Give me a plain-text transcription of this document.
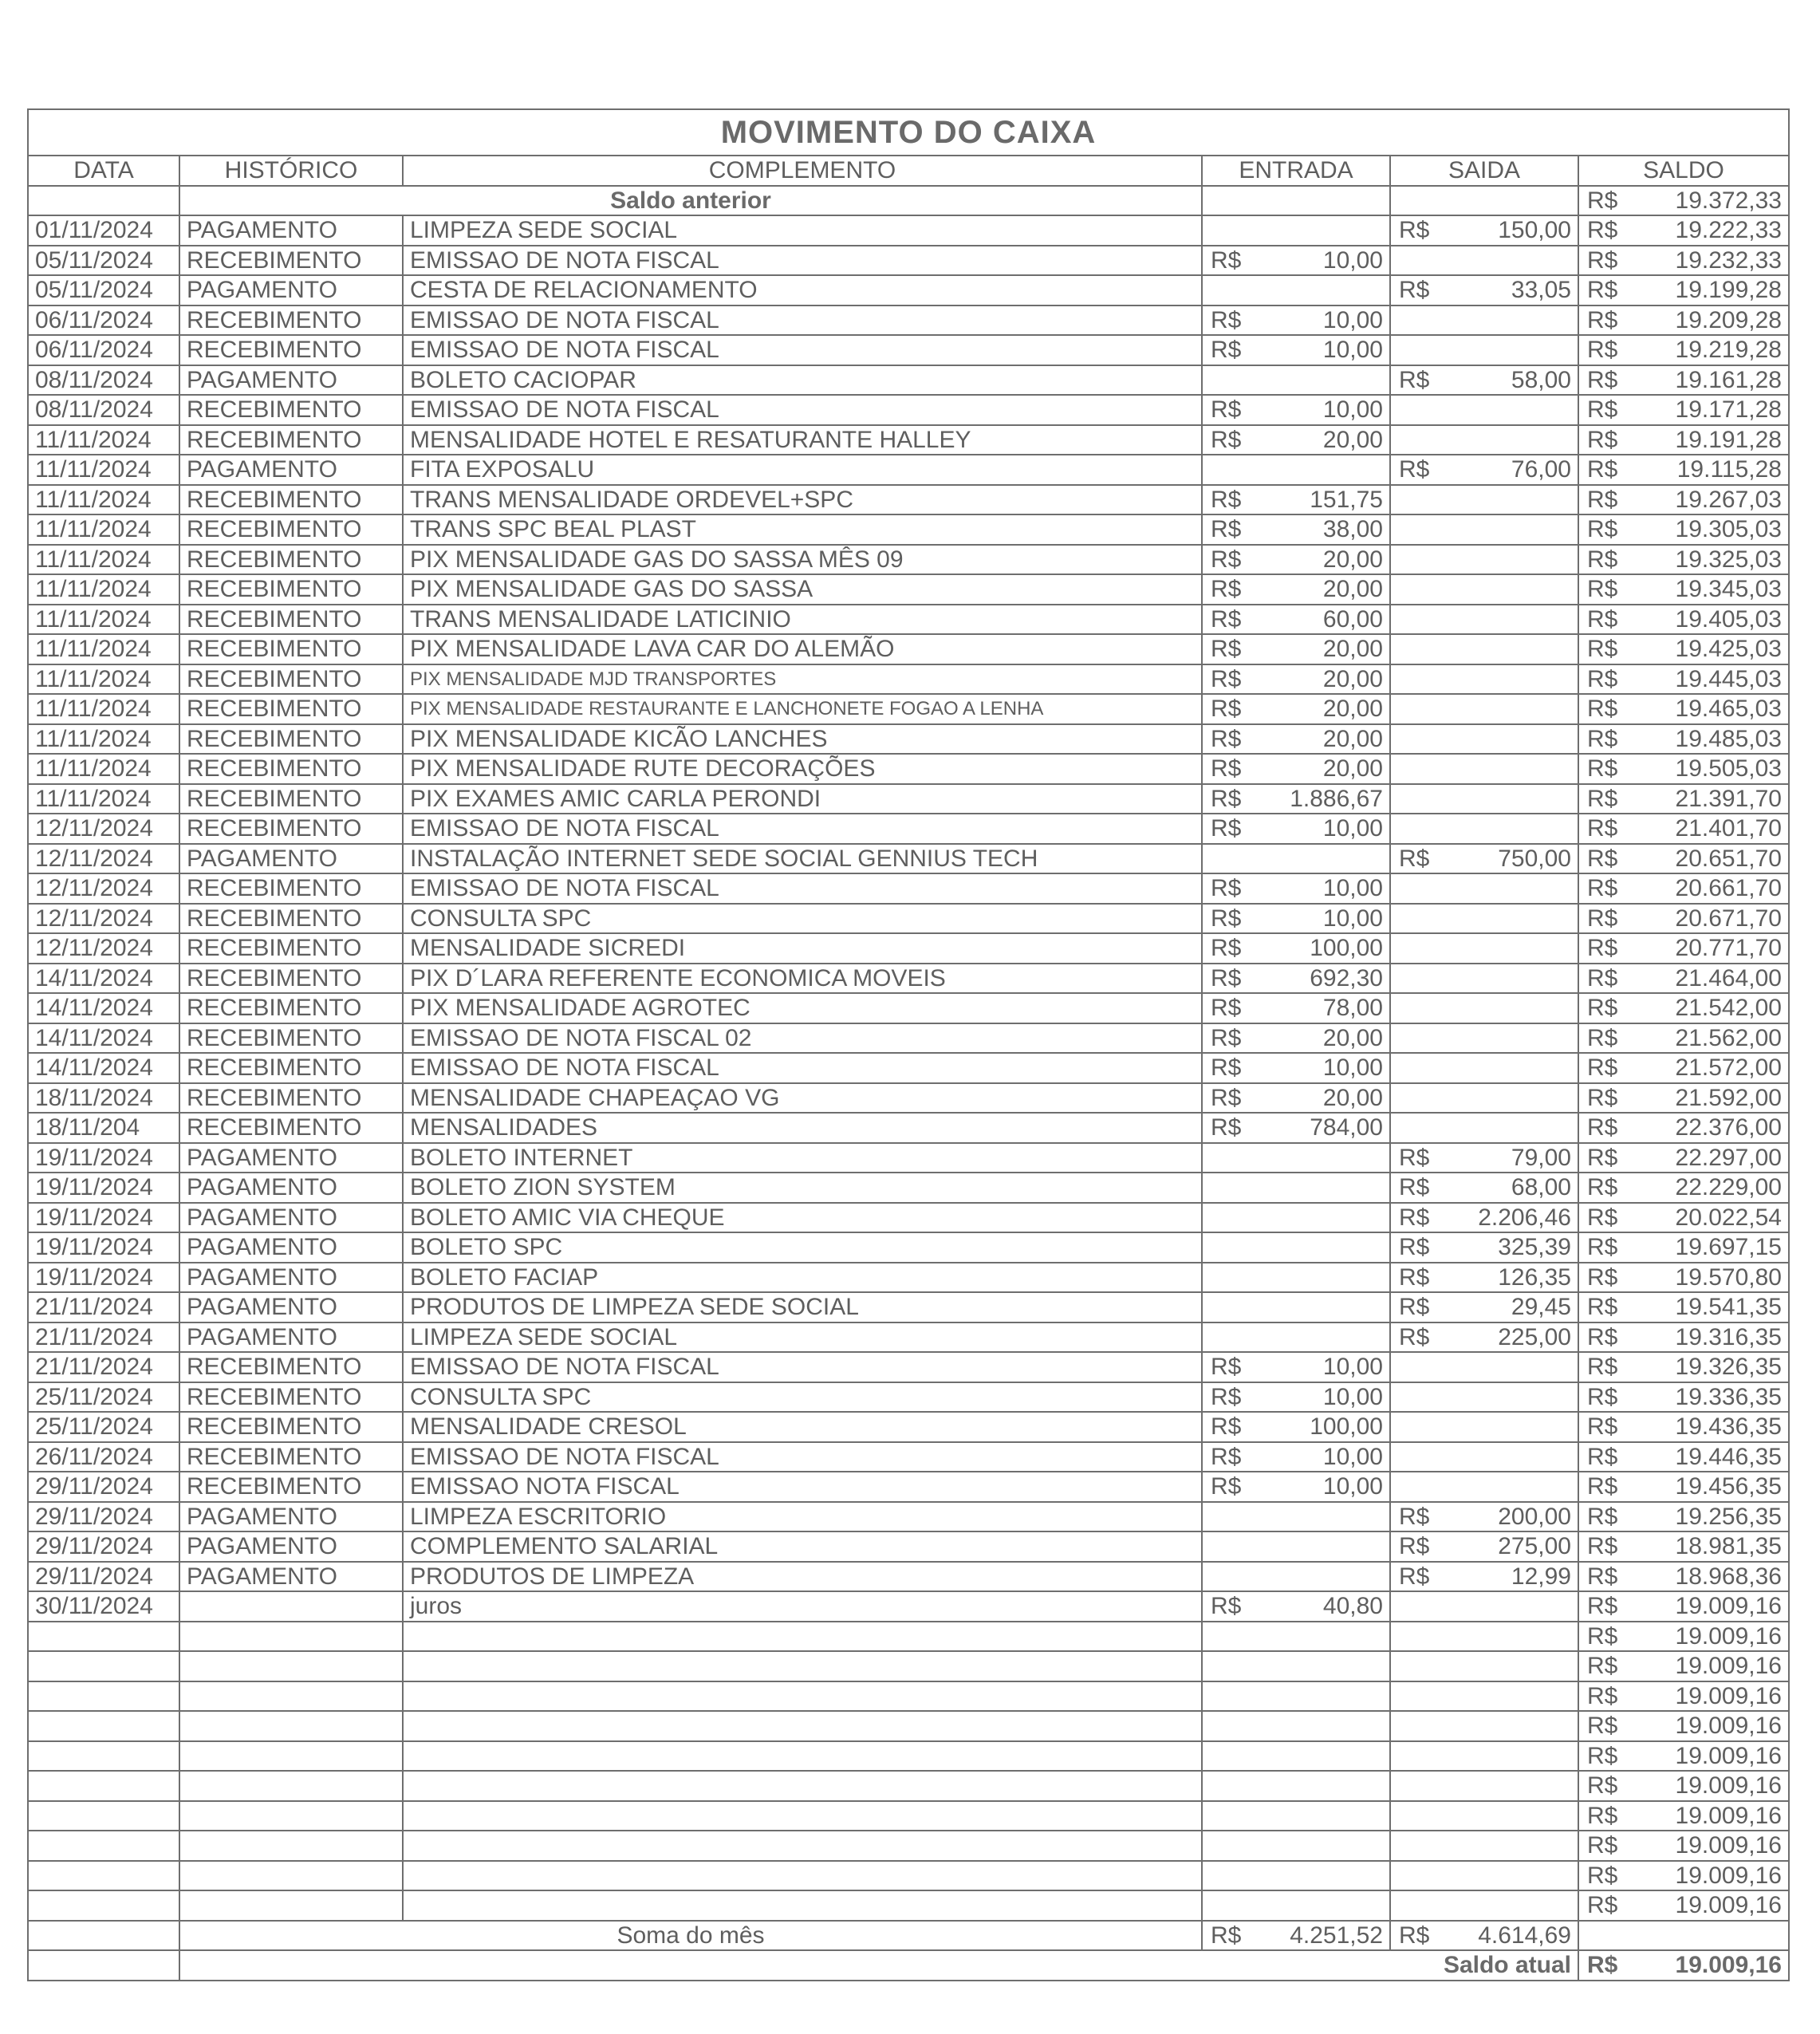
MOVIMENTO DO CAIXA					
DATA	HISTÓRICO	COMPLEMENTO	ENTRADA	SAIDA	SALDO
	Saldo anterior				R$ 19.372,33

01/11/2024	PAGAMENTO	LIMPEZA SEDE SOCIAL		R$ 150,00	R$ 19.222,33

05/11/2024	RECEBIMENTO	EMISSAO DE NOTA FISCAL	R$ 10,00		R$ 19.232,33

05/11/2024	PAGAMENTO	CESTA DE RELACIONAMENTO		R$ 33,05	R$ 19.199,28

06/11/2024	RECEBIMENTO	EMISSAO DE NOTA FISCAL	R$ 10,00		R$ 19.209,28

06/11/2024	RECEBIMENTO	EMISSAO DE NOTA FISCAL	R$ 10,00		R$ 19.219,28

08/11/2024	PAGAMENTO	BOLETO CACIOPAR		R$ 58,00	R$ 19.161,28

08/11/2024	RECEBIMENTO	EMISSAO DE NOTA FISCAL	R$ 10,00		R$ 19.171,28

11/11/2024	RECEBIMENTO	MENSALIDADE HOTEL E RESATURANTE HALLEY	R$ 20,00		R$ 19.191,28

11/11/2024	PAGAMENTO	FITA EXPOSALU		R$ 76,00	R$ 19.115,28

11/11/2024	RECEBIMENTO	TRANS MENSALIDADE ORDEVEL+SPC	R$ 151,75		R$ 19.267,03

11/11/2024	RECEBIMENTO	TRANS SPC BEAL PLAST	R$ 38,00		R$ 19.305,03

11/11/2024	RECEBIMENTO	PIX MENSALIDADE GAS DO SASSA MÊS 09	R$ 20,00		R$ 19.325,03

11/11/2024	RECEBIMENTO	PIX MENSALIDADE GAS DO SASSA	R$ 20,00		R$ 19.345,03

11/11/2024	RECEBIMENTO	TRANS MENSALIDADE LATICINIO	R$ 60,00		R$ 19.405,03

11/11/2024	RECEBIMENTO	PIX MENSALIDADE LAVA CAR DO ALEMÃO	R$ 20,00		R$ 19.425,03

11/11/2024	RECEBIMENTO	PIX MENSALIDADE MJD TRANSPORTES	R$ 20,00		R$ 19.445,03

11/11/2024	RECEBIMENTO	PIX MENSALIDADE RESTAURANTE E LANCHONETE FOGAO A LENHA	R$ 20,00		R$ 19.465,03

11/11/2024	RECEBIMENTO	PIX MENSALIDADE KICÃO LANCHES	R$ 20,00		R$ 19.485,03

11/11/2024	RECEBIMENTO	PIX MENSALIDADE RUTE DECORAÇÕES	R$ 20,00		R$ 19.505,03

11/11/2024	RECEBIMENTO	PIX EXAMES AMIC CARLA PERONDI	R$ 1.886,67		R$ 21.391,70

12/11/2024	RECEBIMENTO	EMISSAO DE NOTA FISCAL	R$ 10,00		R$ 21.401,70

12/11/2024	PAGAMENTO	INSTALAÇÃO INTERNET SEDE SOCIAL GENNIUS TECH		R$ 750,00	R$ 20.651,70

12/11/2024	RECEBIMENTO	EMISSAO DE NOTA FISCAL	R$ 10,00		R$ 20.661,70

12/11/2024	RECEBIMENTO	CONSULTA SPC	R$ 10,00		R$ 20.671,70

12/11/2024	RECEBIMENTO	MENSALIDADE SICREDI	R$ 100,00		R$ 20.771,70

14/11/2024	RECEBIMENTO	PIX D´LARA REFERENTE ECONOMICA MOVEIS	R$ 692,30		R$ 21.464,00

14/11/2024	RECEBIMENTO	PIX MENSALIDADE AGROTEC	R$ 78,00		R$ 21.542,00

14/11/2024	RECEBIMENTO	EMISSAO DE NOTA FISCAL 02	R$ 20,00		R$ 21.562,00

14/11/2024	RECEBIMENTO	EMISSAO DE NOTA FISCAL	R$ 10,00		R$ 21.572,00

18/11/2024	RECEBIMENTO	MENSALIDADE CHAPEAÇAO VG	R$ 20,00		R$ 21.592,00

18/11/204	RECEBIMENTO	MENSALIDADES	R$ 784,00		R$ 22.376,00

19/11/2024	PAGAMENTO	BOLETO INTERNET		R$ 79,00	R$ 22.297,00

19/11/2024	PAGAMENTO	BOLETO ZION SYSTEM		R$ 68,00	R$ 22.229,00

19/11/2024	PAGAMENTO	BOLETO AMIC VIA CHEQUE		R$ 2.206,46	R$ 20.022,54

19/11/2024	PAGAMENTO	BOLETO SPC		R$ 325,39	R$ 19.697,15

19/11/2024	PAGAMENTO	BOLETO FACIAP		R$ 126,35	R$ 19.570,80

21/11/2024	PAGAMENTO	PRODUTOS DE LIMPEZA SEDE SOCIAL		R$ 29,45	R$ 19.541,35

21/11/2024	PAGAMENTO	LIMPEZA SEDE SOCIAL		R$ 225,00	R$ 19.316,35

21/11/2024	RECEBIMENTO	EMISSAO DE NOTA FISCAL	R$ 10,00		R$ 19.326,35

25/11/2024	RECEBIMENTO	CONSULTA SPC	R$ 10,00		R$ 19.336,35

25/11/2024	RECEBIMENTO	MENSALIDADE CRESOL	R$ 100,00		R$ 19.436,35

26/11/2024	RECEBIMENTO	EMISSAO DE NOTA FISCAL	R$ 10,00		R$ 19.446,35

29/11/2024	RECEBIMENTO	EMISSAO NOTA FISCAL	R$ 10,00		R$ 19.456,35

29/11/2024	PAGAMENTO	LIMPEZA ESCRITORIO		R$ 200,00	R$ 19.256,35

29/11/2024	PAGAMENTO	COMPLEMENTO SALARIAL		R$ 275,00	R$ 18.981,35

29/11/2024	PAGAMENTO	PRODUTOS DE LIMPEZA		R$ 12,99	R$ 18.968,36

30/11/2024		juros	R$ 40,80		R$ 19.009,16

					R$ 19.009,16

					R$ 19.009,16

					R$ 19.009,16

					R$ 19.009,16

					R$ 19.009,16

					R$ 19.009,16

					R$ 19.009,16

					R$ 19.009,16

					R$ 19.009,16

					R$ 19.009,16

	Soma do mês		R$ 4.251,52	R$ 4.614,69	

	Saldo atual				R$ 19.009,16
